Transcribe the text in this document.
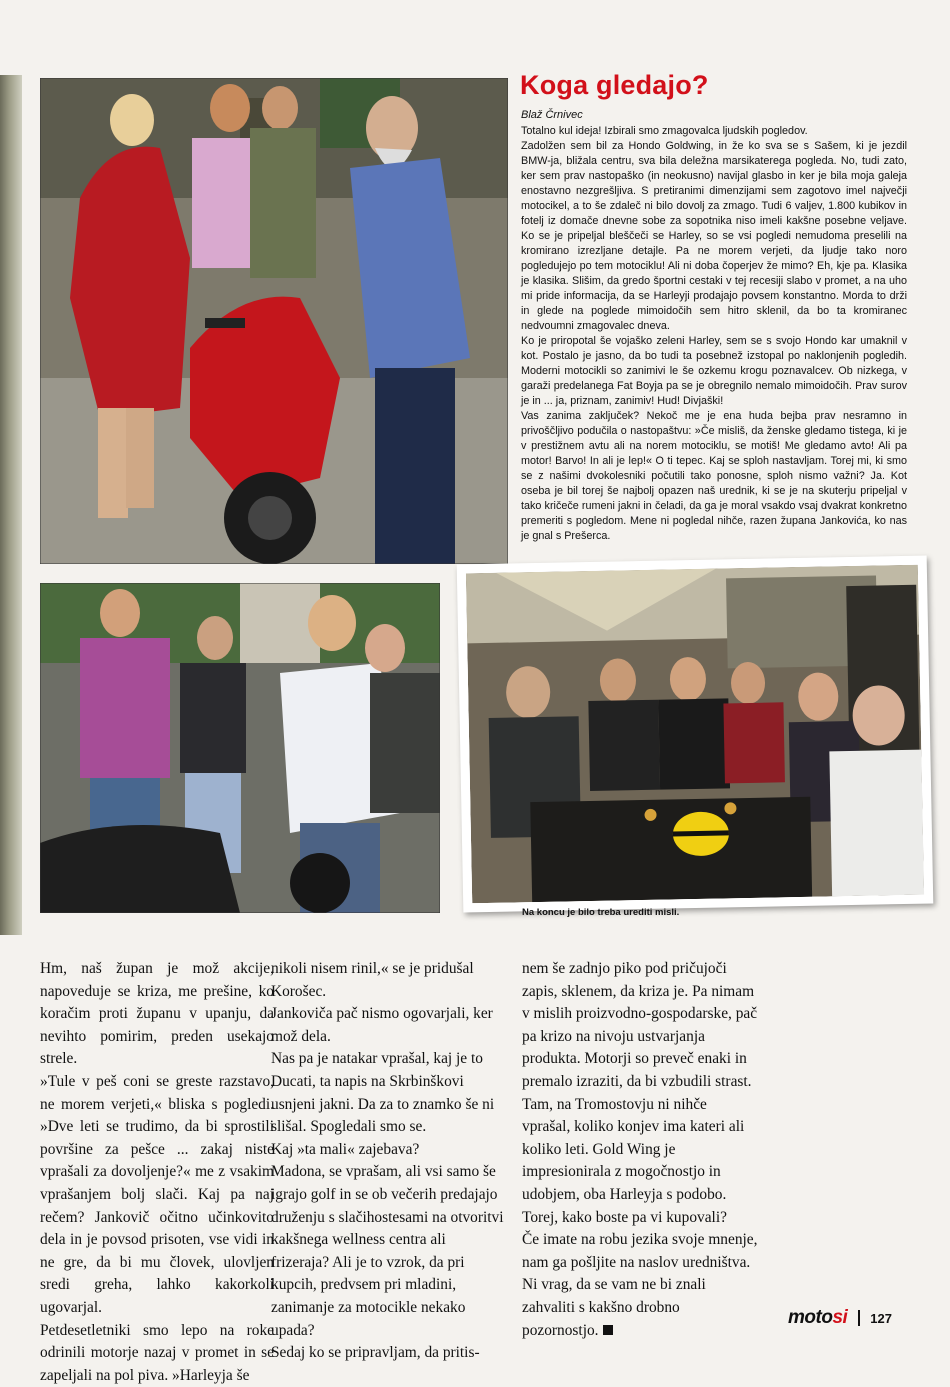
Na koncu je bilo treba urediti misli.
Koga gledajo?
Blaž Črnivec

Totalno kul ideja! Izbirali smo zmagovalca ljudskih pogledov.

Zadolžen sem bil za Hondo Goldwing, in že ko sva se s Sašem, ki je jezdil BMW-ja, bližala centru, sva bila deležna marsikaterega pogleda. No, tudi zato, ker sem prav nastopaško (in neokusno) navijal glasbo in ker je bila moja galeja enostavno nezgrešljiva. S pretiranimi dimenzijami sem zagotovo imel največji motocikel, a to še zdaleč ni bilo dovolj za zmago. Tudi 6 valjev, 1.800 kubikov in fotelj iz domače dnevne sobe za sopotnika niso imeli kakšne posebne veljave. Ko se je pripeljal bleščeči se Harley, so se vsi pogledi nemudoma preselili na kromirano izrezljane detajle. Pa ne morem verjeti, da ljudje tako noro pogledujejo po tem motociklu! Ali ni doba čoperjev že mimo? Eh, kje pa. Klasika je klasika. Slišim, da gredo športni cestaki v tej recesiji slabo v promet, a na uho mi pride informacija, da se Harleyji prodajajo povsem konstantno. Morda to drži in glede na poglede mimoidočih sem hitro sklenil, da bo ta kromiranec nedvoumni zmagovalec dneva.

Ko je priropotal še vojaško zeleni Harley, sem se s svojo Hondo kar umaknil v kot. Postalo je jasno, da bo tudi ta posebnež izstopal po naklonjenih pogledih. Moderni motocikli so zanimivi le še ozkemu krogu poznavalcev. Ob nizkega, v garaži predelanega Fat Boyja pa se je obregnilo nemalo mimoidočih. Prav surov je in ... ja, priznam, zanimiv! Hud! Divjaški!

Vas zanima zaključek? Nekoč me je ena huda bejba prav nesramno in privoščljivo podučila o nastopaštvu: »Če misliš, da ženske gledamo tistega, ki je v prestižnem avtu ali na norem motociklu, se motiš! Me gledamo avto! Ali pa motor! Barvo! In ali je lep!« O ti tepec. Kaj se sploh nastavljam. Torej mi, ki smo se z našimi dvokolesniki počutili tako ponosne, sploh nismo važni? Ja. Kot oseba je bil torej še najbolj opazen naš urednik, ki se je na skuterju pripeljal v tako kričeče rumeni jakni in čeladi, da ga je moral vsakdo vsaj dvakrat konkretno premeriti s pogledom. Mene ni pogledal nihče, razen župana Jankovića, ko nas je gnal s Prešerca.

Hm, naš župan je mož akcije, napoveduje se kriza, me prešine, ko koračim proti županu v upanju, da nevihto pomirim, preden usekajo strele.

»Tule v peš coni se greste razstavo, ne morem verjeti,« bliska s pogledi. »Dve leti se trudimo, da bi sprostili površine za pešce ... zakaj niste vprašali za dovoljenje?« me z vsakim vprašanjem bolj slači. Kaj pa naj rečem? Jankovič očitno učinkovito dela in je povsod prisoten, vse vidi in ne gre, da bi mu človek, ulovljen sredi greha, lahko kakorkoli ugovarjal.

Petdesetletniki smo lepo na roke odrinili motorje nazaj v promet in se zapeljali na pol piva. »Harleyja še

nikoli nisem rinil,« se je pridušal Korošec.

Jankoviča pač nismo ogovarjali, ker mož dela.

Nas pa je natakar vprašal, kaj je to Ducati, ta napis na Skrbinškovi usnjeni jakni. Da za to znamko še ni slišal. Spogledali smo se.

Kaj »ta mali« zajebava?

Madona, se vprašam, ali vsi samo še igrajo golf in se ob večerih predajajo druženju s slačihostesami na otvoritvi kakšnega wellness centra ali frizeraja? Ali je to vzrok, da pri kupcih, predvsem pri mladini, zanimanje za motocikle nekako upada?

Sedaj ko se pripravljam, da pritis-

nem še zadnjo piko pod pričujoči zapis, sklenem, da kriza je. Pa nimam v mislih proizvodno-gospodarske, pač pa krizo na nivoju ustvarjanja produkta. Motorji so preveč enaki in premalo izraziti, da bi vzbudili strast. Tam, na Tromostovju ni nihče vprašal, koliko konjev ima kateri ali koliko leti. Gold Wing je impresionirala z mogočnostjo in udobjem, oba Harleyja s podobo.

Torej, kako boste pa vi kupovali?

Če imate na robu jezika svoje mnenje, nam ga pošljite na naslov uredništva.

Ni vrag, da se vam ne bi znali zahvaliti s kakšno drobno pozornostjo.

motosi 127
